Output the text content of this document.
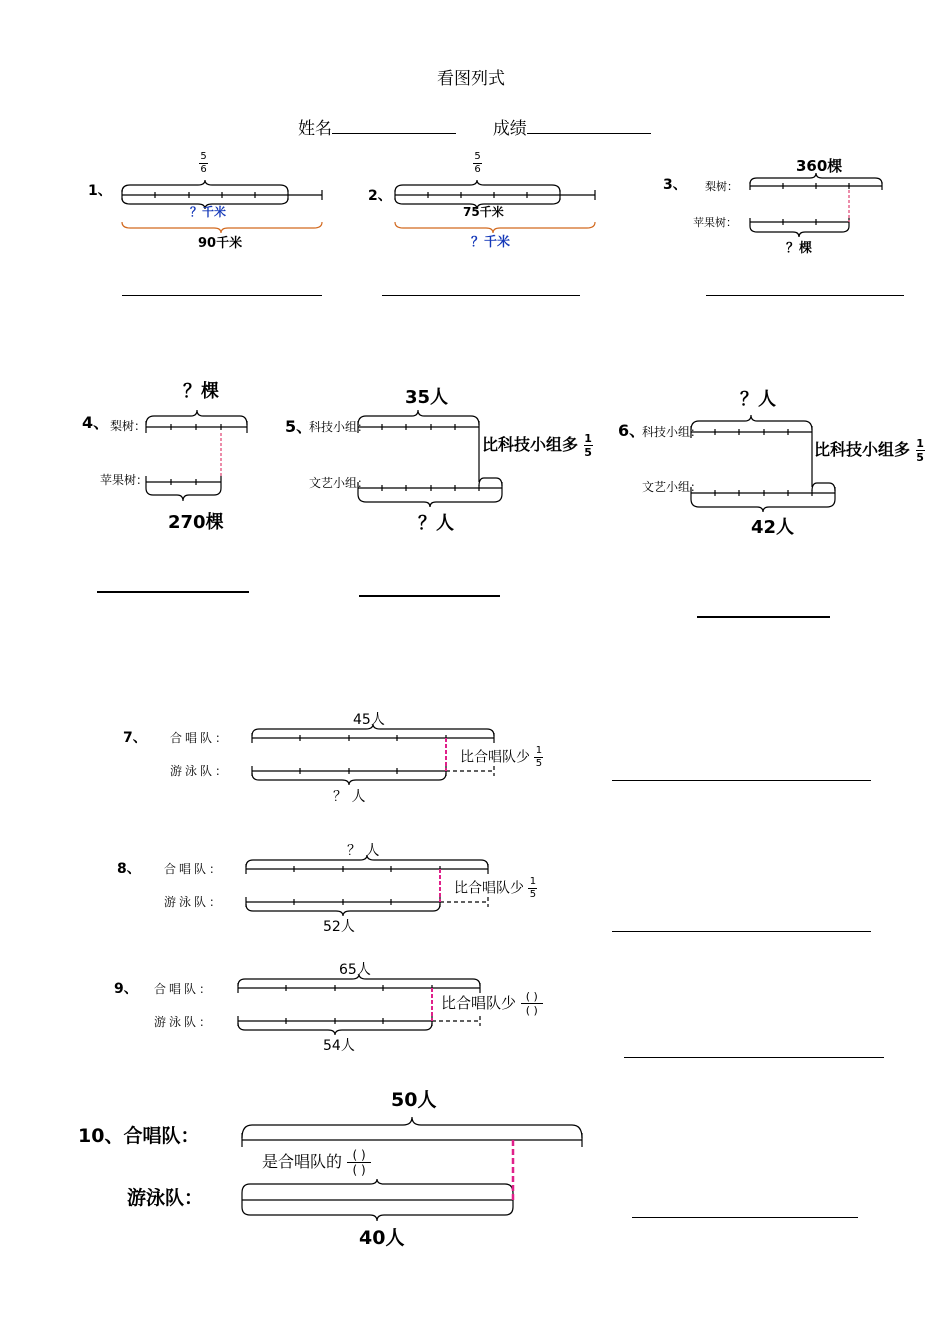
看图列式
姓名	成绩
1、
$\frac{5}{6}$
？千米
90千米
2、
$\frac{5}{6}$
75千米
？千米
3、 梨树：
苹果树：
360棵
？棵
4、 梨树：
苹果树：
？棵
270棵
5、
科技小组：
文艺小组：
35人
？人
比科技小组多 $\frac{1}{5}$
6、
科技小组：
文艺小组：
？人
42人
比科技小组多 $\frac{1}{5}$
7、 合唱队：
游泳队：
45人
？ 人
比合唱队少 $\frac{1}{5}$
8、 合唱队：
游泳队：
？ 人
52人
比合唱队少 $\frac{1}{5}$
9、 合唱队：
游泳队：
65人
54人
比合唱队少 $\frac{( )}{( )}$
10、合唱队：
游泳队：
50人
40人
是合唱队的 $\frac{( )}{( )}$
